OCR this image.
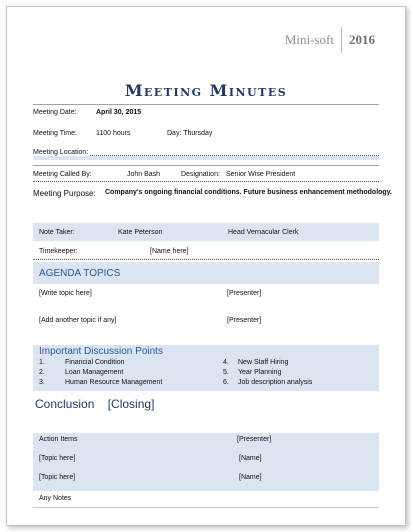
Mini-soft 2016
Meeting Minutes
Meeting Date:	April 30, 2015
Meeting Time:	1100 hours	Day: Thursday
Meeting Location:
Meeting Called By:	John Bash	Designation: Senior Wise President
Meeting Purpose: Company's ongoing financial conditions. Future business enhancement methodology.
Note Taker:	Kate Peterson	Head Vernacular Clerk
Timekeeper:	[Name here]
AGENDA TOPICS
[Write topic here]	[Presenter]
[Add another topic if any]	[Presenter]
Important Discussion Points
1.	Financial Condition
2.	Loan Management
3.	Human Resource Management
4. New Staff Hiring
5. Year Planning
6. Job description analysis
Conclusion [Closing]
Action Items	[Presenter]
[Topic here]	[Name]
[Topic here]	[Name]
Any Notes
